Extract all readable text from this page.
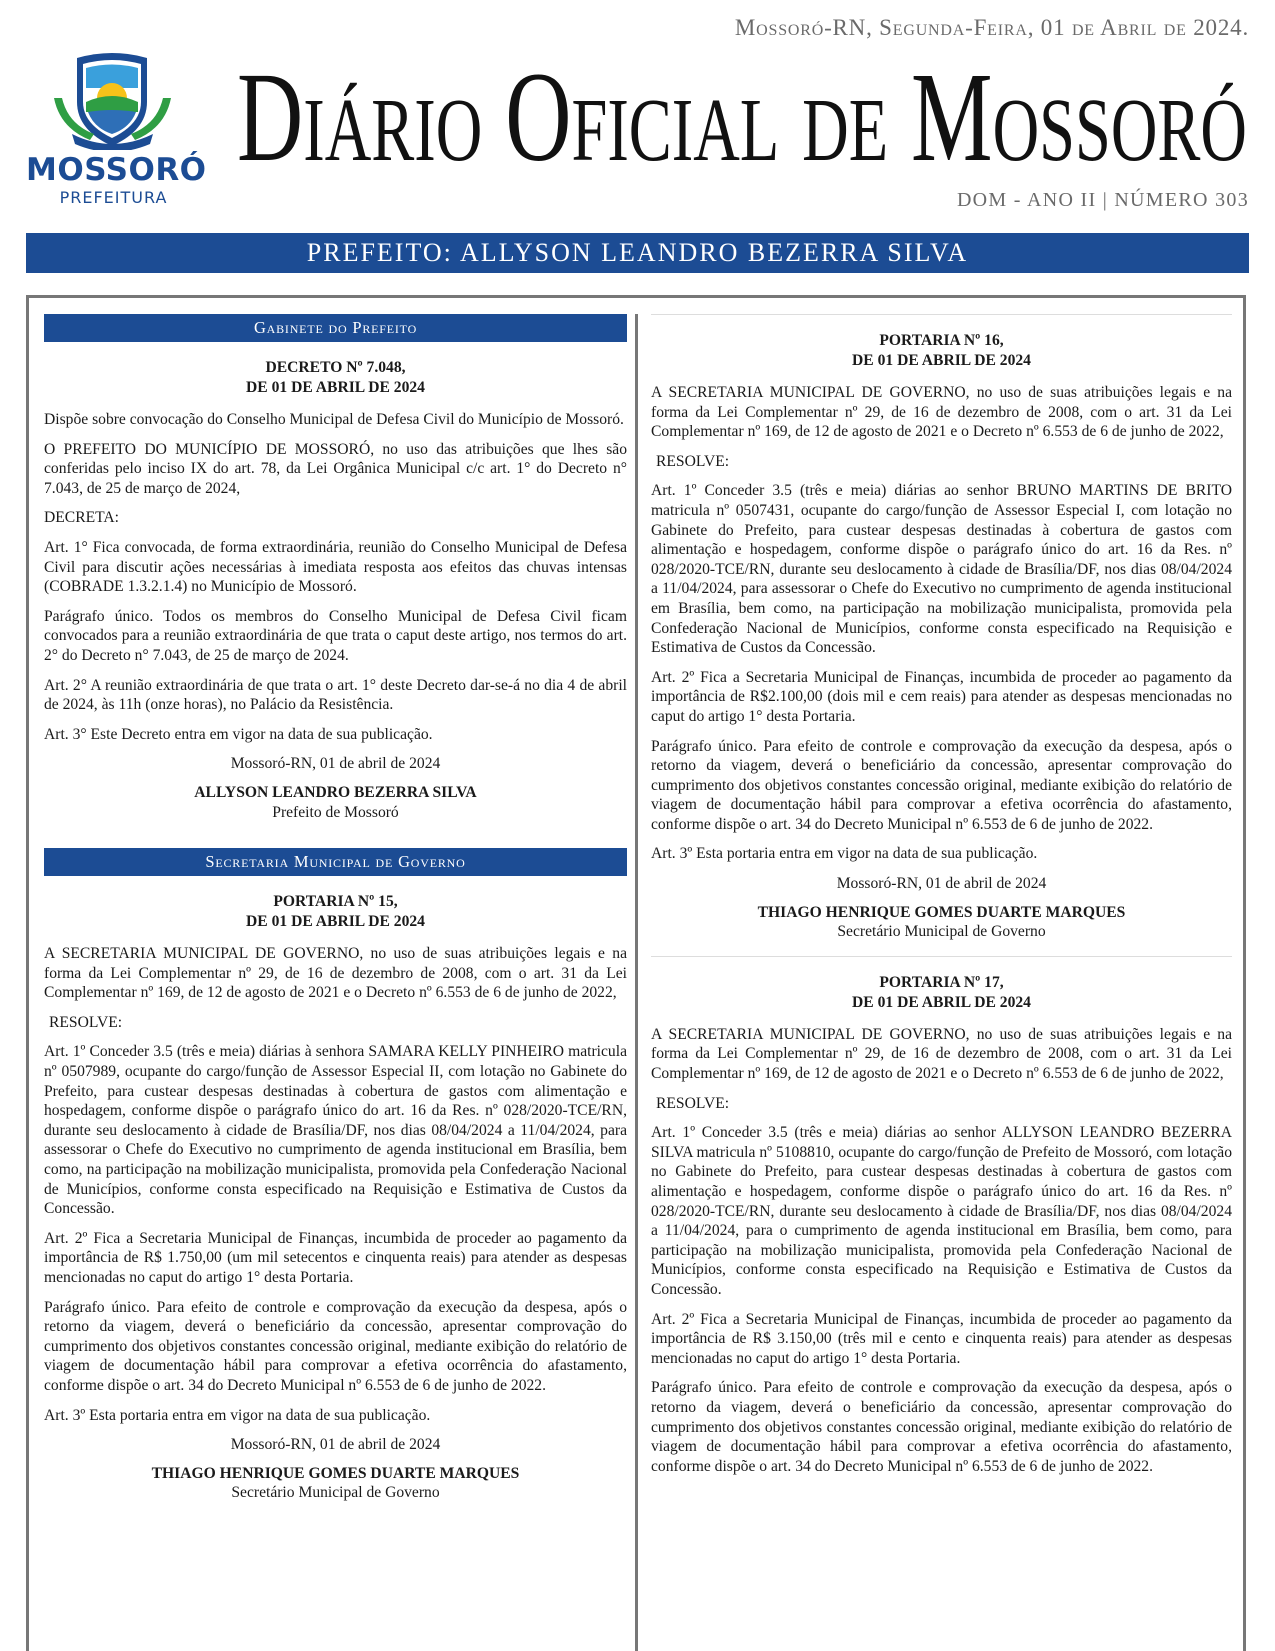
MOSSORÓ
PREFEITURA
Mossoró-RN, Segunda-Feira, 01 de Abril de 2024.
Diário Oficial de Mossoró
DOM - ANO II | NÚMERO 303
PREFEITO: ALLYSON LEANDRO BEZERRA SILVA
Gabinete do Prefeito
DECRETO Nº 7.048,
DE 01 DE ABRIL DE 2024

Dispõe sobre convocação do Conselho Municipal de Defesa Civil do Município de Mossoró.

O PREFEITO DO MUNICÍPIO DE MOSSORÓ, no uso das atribuições que lhes são conferidas pelo inciso IX do art. 78, da Lei Orgânica Municipal c/c art. 1° do Decreto n° 7.043, de 25 de março de 2024,

DECRETA:

Art. 1° Fica convocada, de forma extraordinária, reunião do Conselho Municipal de Defesa Civil para discutir ações necessárias à imediata resposta aos efeitos das chuvas intensas (COBRADE 1.3.2.1.4) no Município de Mossoró.

Parágrafo único. Todos os membros do Conselho Municipal de Defesa Civil ficam convocados para a reunião extraordinária de que trata o caput deste artigo, nos termos do art. 2° do Decreto n° 7.043, de 25 de março de 2024.

Art. 2° A reunião extraordinária de que trata o art. 1° deste Decreto dar-se-á no dia 4 de abril de 2024, às 11h (onze horas), no Palácio da Resistência.

Art. 3° Este Decreto entra em vigor na data de sua publicação.

Mossoró-RN, 01 de abril de 2024

ALLYSON LEANDRO BEZERRA SILVA

Prefeito de Mossoró

Secretaria Municipal de Governo
PORTARIA Nº 15,
DE 01 DE ABRIL DE 2024

A SECRETARIA MUNICIPAL DE GOVERNO, no uso de suas atribuições legais e na forma da Lei Complementar nº 29, de 16 de dezembro de 2008, com o art. 31 da Lei Complementar nº 169, de 12 de agosto de 2021 e o Decreto nº 6.553 de 6 de junho de 2022,

RESOLVE:

Art. 1º Conceder 3.5 (três e meia) diárias à senhora SAMARA KELLY PINHEIRO matricula nº 0507989, ocupante do cargo/função de Assessor Especial II, com lotação no Gabinete do Prefeito, para custear despesas destinadas à cobertura de gastos com alimentação e hospedagem, conforme dispõe o parágrafo único do art. 16 da Res. nº 028/2020-TCE/RN, durante seu deslocamento à cidade de Brasília/DF, nos dias 08/04/2024 a 11/04/2024, para assessorar o Chefe do Executivo no cumprimento de agenda institucional em Brasília, bem como, na participação na mobilização municipalista, promovida pela Confederação Nacional de Municípios, conforme consta especificado na Requisição e Estimativa de Custos da Concessão.

Art. 2º Fica a Secretaria Municipal de Finanças, incumbida de proceder ao pagamento da importância de R$ 1.750,00 (um mil setecentos e cinquenta reais) para atender as despesas mencionadas no caput do artigo 1° desta Portaria.

Parágrafo único. Para efeito de controle e comprovação da execução da despesa, após o retorno da viagem, deverá o beneficiário da concessão, apresentar comprovação do cumprimento dos objetivos constantes concessão original, mediante exibição do relatório de viagem de documentação hábil para comprovar a efetiva ocorrência do afastamento, conforme dispõe o art. 34 do Decreto Municipal nº 6.553 de 6 de junho de 2022.

Art. 3º Esta portaria entra em vigor na data de sua publicação.

Mossoró-RN, 01 de abril de 2024

THIAGO HENRIQUE GOMES DUARTE MARQUES

Secretário Municipal de Governo

PORTARIA Nº 16,
DE 01 DE ABRIL DE 2024

A SECRETARIA MUNICIPAL DE GOVERNO, no uso de suas atribuições legais e na forma da Lei Complementar nº 29, de 16 de dezembro de 2008, com o art. 31 da Lei Complementar nº 169, de 12 de agosto de 2021 e o Decreto nº 6.553 de 6 de junho de 2022,

RESOLVE:

Art. 1º Conceder 3.5 (três e meia) diárias ao senhor BRUNO MARTINS DE BRITO matricula nº 0507431, ocupante do cargo/função de Assessor Especial I, com lotação no Gabinete do Prefeito, para custear despesas destinadas à cobertura de gastos com alimentação e hospedagem, conforme dispõe o parágrafo único do art. 16 da Res. nº 028/2020-TCE/RN, durante seu deslocamento à cidade de Brasília/DF, nos dias 08/04/2024 a 11/04/2024, para assessorar o Chefe do Executivo no cumprimento de agenda institucional em Brasília, bem como, na participação na mobilização municipalista, promovida pela Confederação Nacional de Municípios, conforme consta especificado na Requisição e Estimativa de Custos da Concessão.

Art. 2º Fica a Secretaria Municipal de Finanças, incumbida de proceder ao pagamento da importância de R$2.100,00 (dois mil e cem reais) para atender as despesas mencionadas no caput do artigo 1° desta Portaria.

Parágrafo único. Para efeito de controle e comprovação da execução da despesa, após o retorno da viagem, deverá o beneficiário da concessão, apresentar comprovação do cumprimento dos objetivos constantes concessão original, mediante exibição do relatório de viagem de documentação hábil para comprovar a efetiva ocorrência do afastamento, conforme dispõe o art. 34 do Decreto Municipal nº 6.553 de 6 de junho de 2022.

Art. 3º Esta portaria entra em vigor na data de sua publicação.

Mossoró-RN, 01 de abril de 2024

THIAGO HENRIQUE GOMES DUARTE MARQUES

Secretário Municipal de Governo

PORTARIA Nº 17,
DE 01 DE ABRIL DE 2024

A SECRETARIA MUNICIPAL DE GOVERNO, no uso de suas atribuições legais e na forma da Lei Complementar nº 29, de 16 de dezembro de 2008, com o art. 31 da Lei Complementar nº 169, de 12 de agosto de 2021 e o Decreto nº 6.553 de 6 de junho de 2022,

RESOLVE:

Art. 1º Conceder 3.5 (três e meia) diárias ao senhor ALLYSON LEANDRO BEZERRA SILVA matricula nº 5108810, ocupante do cargo/função de Prefeito de Mossoró, com lotação no Gabinete do Prefeito, para custear despesas destinadas à cobertura de gastos com alimentação e hospedagem, conforme dispõe o parágrafo único do art. 16 da Res. nº 028/2020-TCE/RN, durante seu deslocamento à cidade de Brasília/DF, nos dias 08/04/2024 a 11/04/2024, para o cumprimento de agenda institucional em Brasília, bem como, para participação na mobilização municipalista, promovida pela Confederação Nacional de Municípios, conforme consta especificado na Requisição e Estimativa de Custos da Concessão.

Art. 2º Fica a Secretaria Municipal de Finanças, incumbida de proceder ao pagamento da importância de R$ 3.150,00 (três mil e cento e cinquenta reais) para atender as despesas mencionadas no caput do artigo 1° desta Portaria.

Parágrafo único. Para efeito de controle e comprovação da execução da despesa, após o retorno da viagem, deverá o beneficiário da concessão, apresentar comprovação do cumprimento dos objetivos constantes concessão original, mediante exibição do relatório de viagem de documentação hábil para comprovar a efetiva ocorrência do afastamento, conforme dispõe o art. 34 do Decreto Municipal nº 6.553 de 6 de junho de 2022.
